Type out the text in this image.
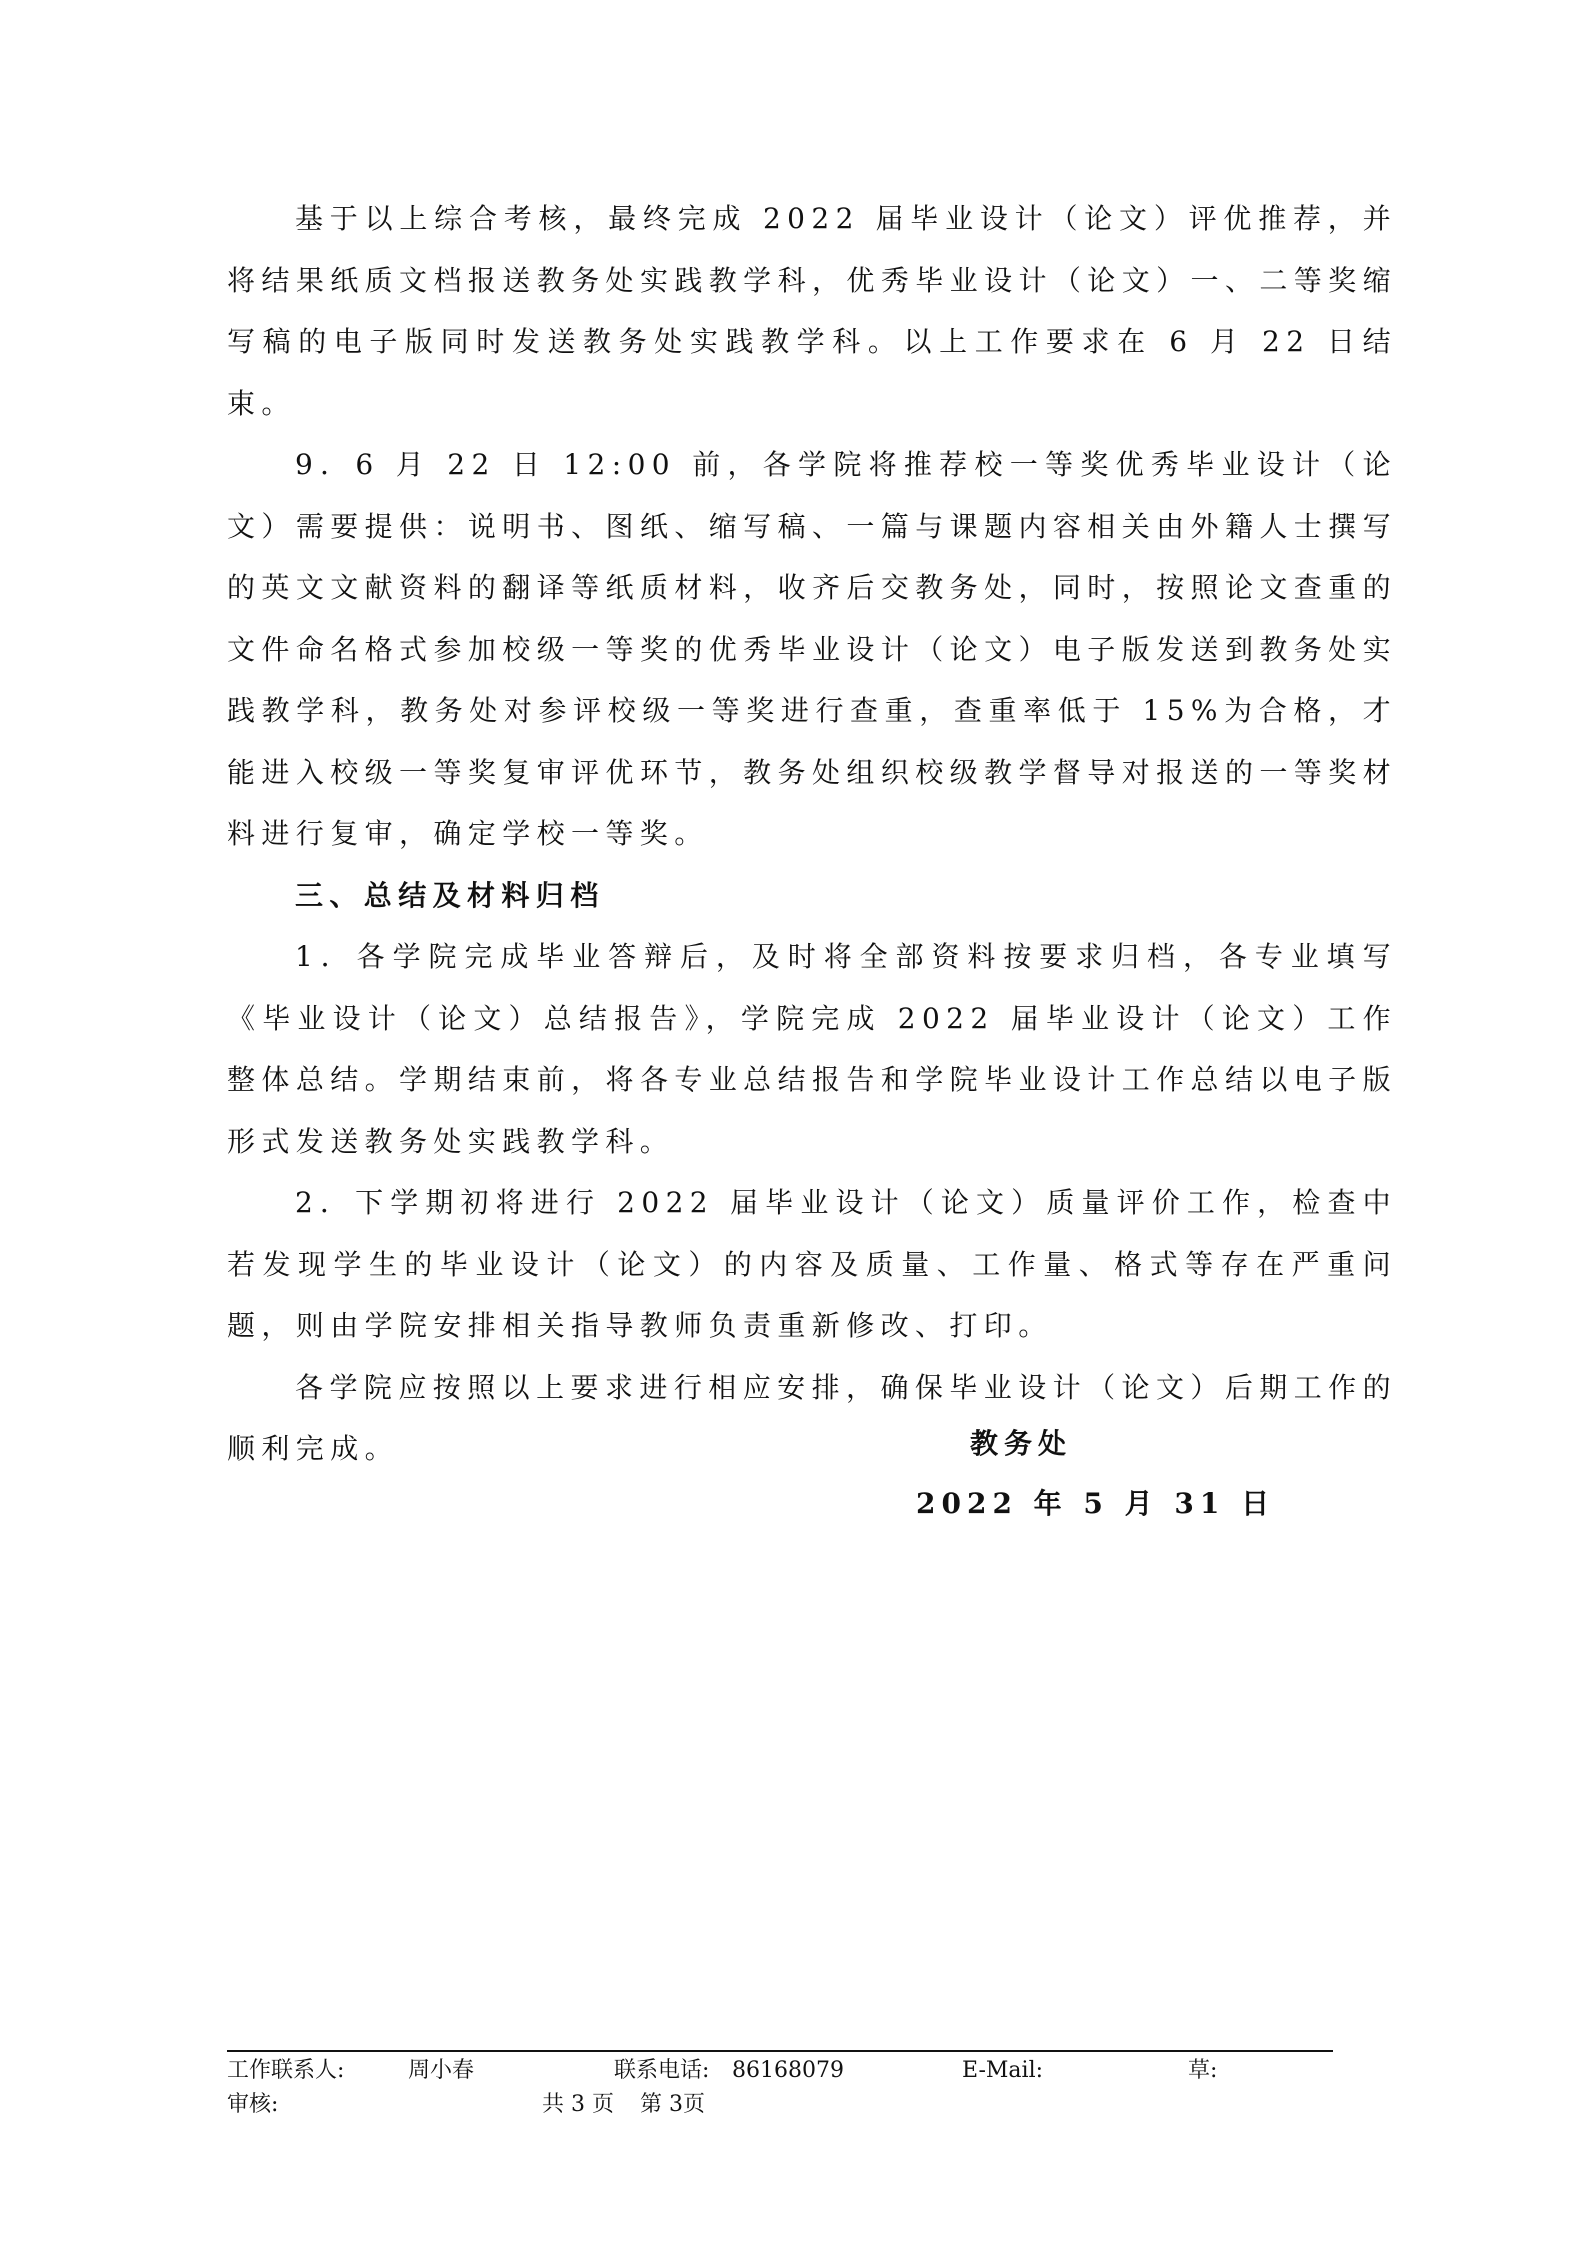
基于以上综合考核，最终完成 2022 届毕业设计（论文）评优推荐，并将结果纸质文档报送教务处实践教学科，优秀毕业设计（论文）一、二等奖缩写稿的电子版同时发送教务处实践教学科。以上工作要求在 6 月 22 日结束。

9．6 月 22 日 12:00 前，各学院将推荐校一等奖优秀毕业设计（论文）需要提供：说明书、图纸、缩写稿、一篇与课题内容相关由外籍人士撰写的英文文献资料的翻译等纸质材料，收齐后交教务处，同时，按照论文查重的文件命名格式参加校级一等奖的优秀毕业设计（论文）电子版发送到教务处实践教学科，教务处对参评校级一等奖进行查重，查重率低于 15%为合格，才能进入校级一等奖复审评优环节，教务处组织校级教学督导对报送的一等奖材料进行复审，确定学校一等奖。

三、总结及材料归档

1．各学院完成毕业答辩后，及时将全部资料按要求归档，各专业填写《毕业设计（论文）总结报告》，学院完成 2022 届毕业设计（论文）工作整体总结。学期结束前，将各专业总结报告和学院毕业设计工作总结以电子版形式发送教务处实践教学科。

2．下学期初将进行 2022 届毕业设计（论文）质量评价工作，检查中若发现学生的毕业设计（论文）的内容及质量、工作量、格式等存在严重问题，则由学院安排相关指导教师负责重新修改、打印。

各学院应按照以上要求进行相应安排，确保毕业设计（论文）后期工作的顺利完成。	教务处
2022 年 5 月 31 日
工作联系人:	周小春	联系电话: 86168079	E-Mail:	草:
审核:	共 3 页 第 3页
